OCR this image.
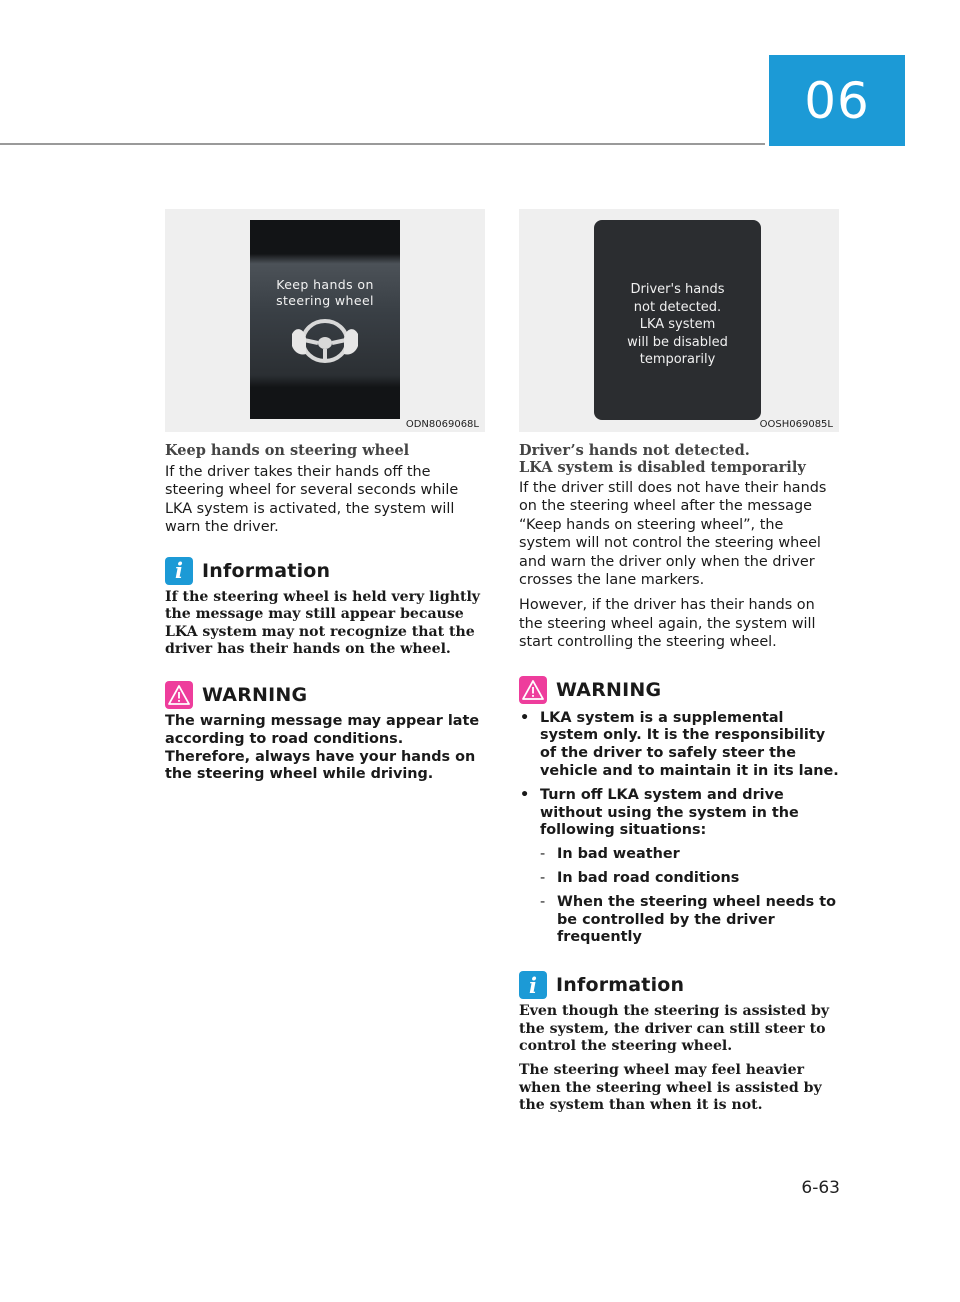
06
Keep hands on
steering wheel
ODN8069068L
Keep hands on steering wheel

If the driver takes their hands off the steering wheel for several seconds while LKA system is activated, the system will warn the driver.

i	Information

If the steering wheel is held very lightly the message may still appear because LKA system may not recognize that the driver has their hands on the wheel.

WARNING

The warning message may appear late according to road conditions. Therefore, always have your hands on the steering wheel while driving.

Driver's hands
not detected.
LKA system
will be disabled
temporarily
OOSH069085L
Driver’s hands not detected.
LKA system is disabled temporarily

If the driver still does not have their hands on the steering wheel after the message “Keep hands on steering wheel”, the system will not control the steering wheel and warn the driver only when the driver crosses the lane markers.

However, if the driver has their hands on the steering wheel again, the system will start controlling the steering wheel.

WARNING
• LKA system is a supplemental system only. It is the responsibility of the driver to safely steer the vehicle and to maintain it in its lane.
• Turn off LKA system and drive without using the system in the following situations:
- In bad weather
- In bad road conditions
- When the steering wheel needs to be controlled by the driver frequently
i	Information

Even though the steering is assisted by the system, the driver can still steer to control the steering wheel.

The steering wheel may feel heavier when the steering wheel is assisted by the system than when it is not.

6-63
